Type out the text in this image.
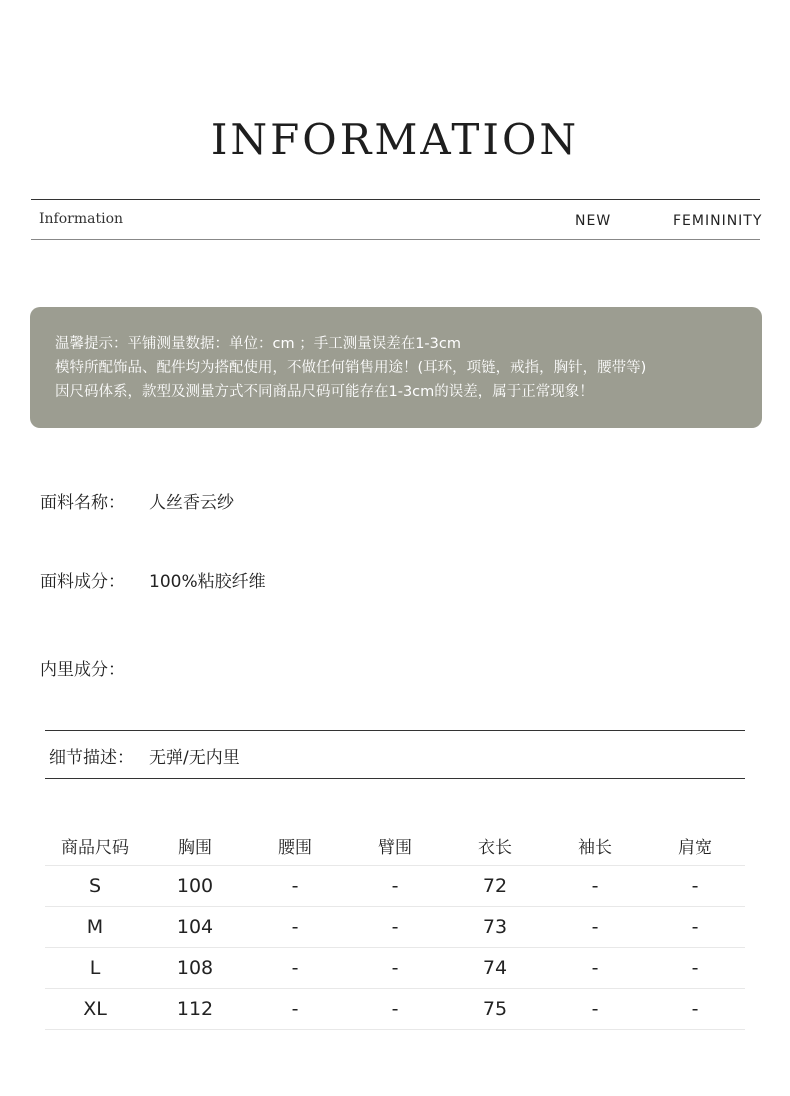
INFORMATION
Information	NEW	FEMININITY
温馨提示：平铺测量数据：单位：cm ；手工测量误差在1-3cm
模特所配饰品、配件均为搭配使用，不做任何销售用途！(耳环，项链，戒指，胸针，腰带等)
因尺码体系，款型及测量方式不同商品尺码可能存在1-3cm的误差，属于正常现象！
面料名称： 人丝香云纱
面料成分： 100%粘胶纤维
内里成分：
细节描述： 无弹/无内里
商品尺码	胸围	腰围	臂围	衣长	袖长	肩宽
S	100	-	-	72	-	-
M	104	-	-	73	-	-
L	108	-	-	74	-	-
XL	112	-	-	75	-	-
